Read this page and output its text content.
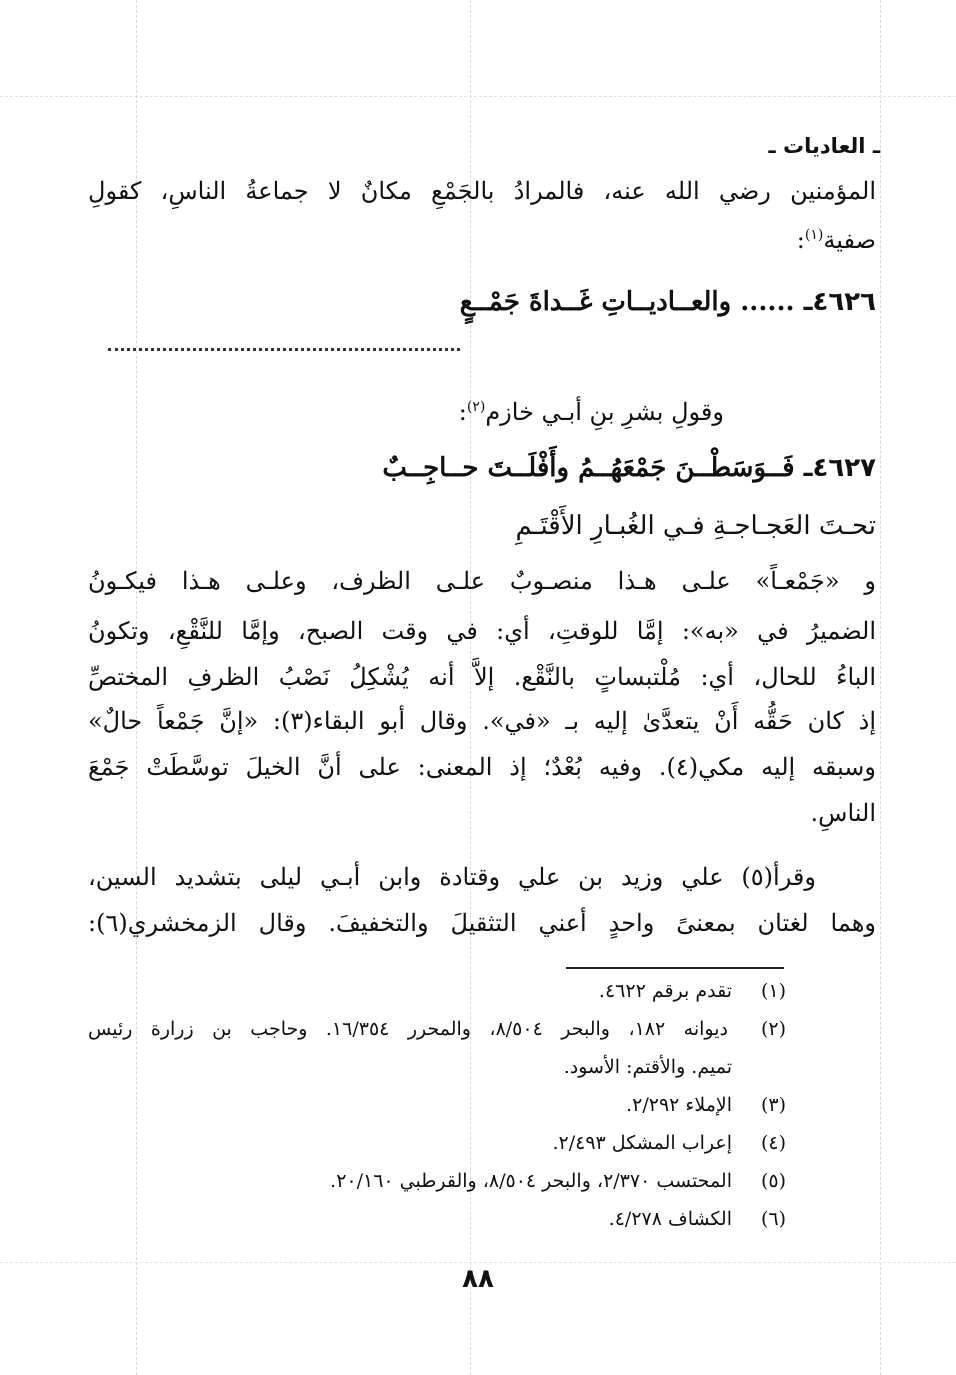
ـ العاديات ـ
المؤمنين رضي الله عنه، فالمرادُ بالجَمْعِ مكانٌ لا جماعةُ الناسِ، كقولِ
صفية$^{(١)}$:
٤٦٢٦ـ ...... والعــاديــاتِ غَــداةَ جَمْــعٍ
وقولِ بشرِ بنِ أبـي خازم$^{(٢)}$:
٤٦٢٧ـ فَــوَسَطْــنَ جَمْعَهُــمُ وأَفْلَــتَ حــاجِــبٌ
تحـتَ العَجـاجـةِ فـي الغُبـارِ الأَقْتَـمِ
و «جَمْعـاً» علـى هـذا منصـوبٌ علـى الظرف، وعلـى هـذا فيكـونُ
الضميرُ في «به»: إمَّا للوقتِ، أي: في وقت الصبح، وإمَّا للنَّقْعِ، وتكونُ
الباءُ للحال، أي: مُلْتبساتٍ بالنَّقْع. إلاَّ أنه يُشْكِلُ نَصْبُ الظرفِ المختصِّ
إذ كان حَقُّه أَنْ يتعدَّىٰ إليه بـ «في». وقال أبو البقاء(٣): «إنَّ جَمْعاً حالٌ»
وسبقه إليه مكي(٤). وفيه بُعْدٌ؛ إذ المعنى: على أنَّ الخيلَ توسَّطَتْ جَمْعَ
الناسِ.
وقرأ(٥) علي وزيد بن علي وقتادة وابن أبـي ليلى بتشديد السين،
وهما لغتان بمعنىً واحدٍ أعني التثقيلَ والتخفيفَ. وقال الزمخشري(٦):
(١)
تقدم برقم ٤٦٢٢.
(٢)
ديوانه ١٨٢، والبحر ٨/٥٠٤، والمحرر ١٦/٣٥٤. وحاجب بن زرارة رئيس
تميم. والأقتم: الأسود.
(٣)
الإملاء ٢/٢٩٢.
(٤)
إعراب المشكل ٢/٤٩٣.
(٥)
المحتسب ٢/٣٧٠، والبحر ٨/٥٠٤، والقرطبي ٢٠/١٦٠.
(٦)
الكشاف ٤/٢٧٨.
٨٨
